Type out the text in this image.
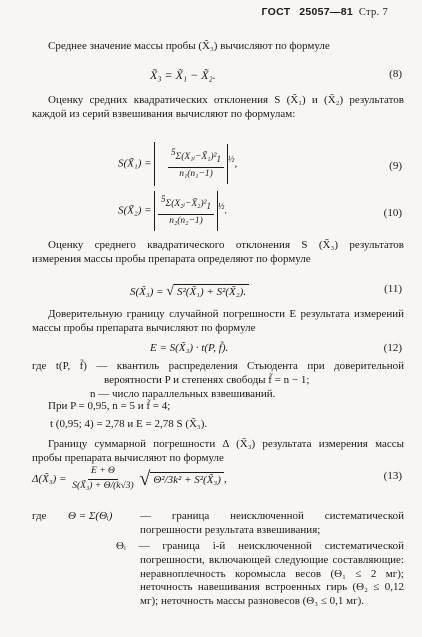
ГОСТ 25057—81 Стр. 7

Среднее значение массы пробы (X̃₃) вычисляют по формуле

X̃₃ = X̃₁ − X̃₂.	(8)

Оценку средних квадратических отклонения S (X̃₁) и (X̃₂) результатов каждой из серий взвешивания вычисляют по формулам:

S(X̃₁) = $\frac{^5\Sigma(X_1ᵢ-X̃_1)^2_1}{\text{n₁(n₁−1)}} ^{\frac{1}{2}}$,	(9)
S(X̃₂) = $\frac{^5\Sigma(X_2ᵢ-X̃_2)^2_1}{\text{n₂(n₂−1)}} ^{\frac{1}{2}}$.	(10)

Оценку среднего квадратического отклонения S (X̃₃) результатов измерения массы пробы препарата определяют по формуле

S(X̃₃) = √ S²(X̃₁) + S²(X̃₂).	(11)

Доверительную границу случайной погрешности Ε результата измерений массы пробы препарата вычисляют по формуле

Ε = S(X̃₃) · t(P, f̃).	(12)

где t(P, f̃) — квантиль распределения Стьюдента при доверительной вероятности P и степенях свободы f̃ = n − 1;

n — число параллельных взвешиваний.

При P = 0,95, n = 5 и f̃ = 4;
t (0,95; 4) = 2,78 и Ε = 2,78 S (X̃₃).

Границу суммарной погрешности Δ (X̃₃) результата измерения массы пробы препарата вычисляют по формуле

Δ(X̃₃) = $\frac{E + \Theta}{\text{S(X̃₃) + Θ/(k√3)}}$ √ Θ²/3k² + S²(X̃₃) ,	(13)
где Θ = Σ(Θᵢ)	— граница неисключенной систематической погрешности результата взвешивания;
Θᵢ — граница i-й неисключенной систематической погрешности, включающей следующие составляющие: неравноплечность коромысла весов (Θ₁ ≤ 2 мг); неточность навешивания встроенных гирь (Θ₂ ≤ 0,12 мг); неточность массы разновесов (Θ₃ ≤ 0,1 мг).
